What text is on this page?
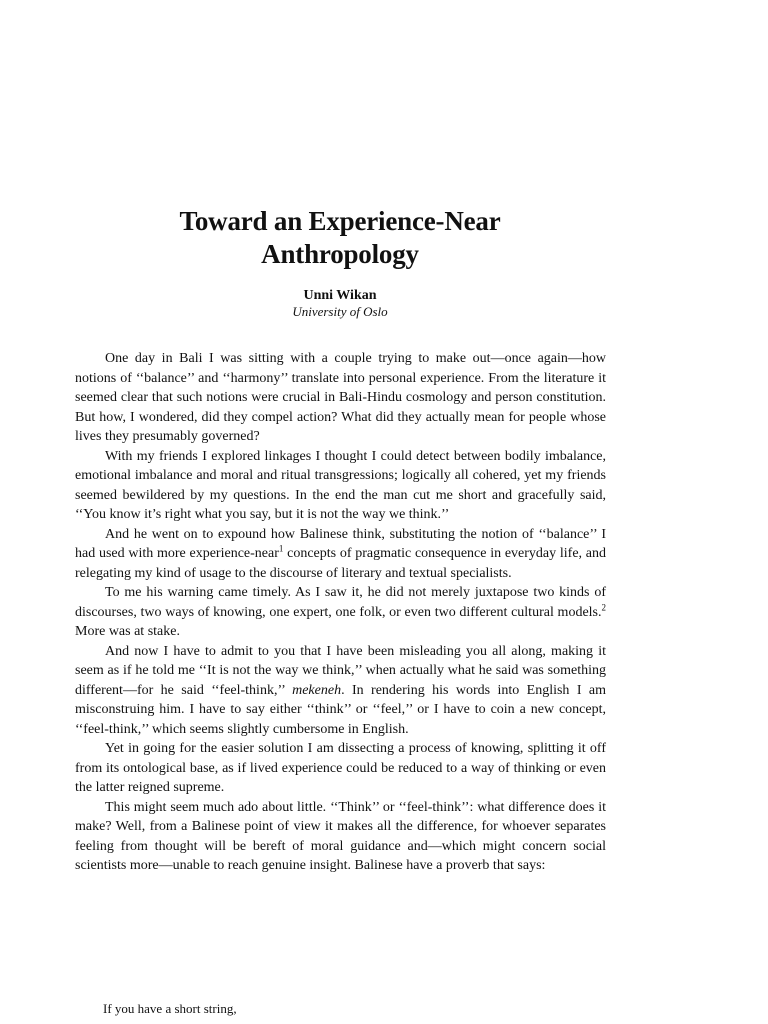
Toward an Experience-Near
Anthropology
Unni Wikan
University of Oslo

One day in Bali I was sitting with a couple trying to make out—once again—how notions of ‘‘balance’’ and ‘‘harmony’’ translate into personal experience. From the literature it seemed clear that such notions were crucial in Bali-Hindu cosmology and person constitution. But how, I wondered, did they compel action? What did they actually mean for people whose lives they presumably governed?

With my friends I explored linkages I thought I could detect between bodily imbalance, emotional imbalance and moral and ritual transgressions; logically all cohered, yet my friends seemed bewildered by my questions. In the end the man cut me short and gracefully said, ‘‘You know it’s right what you say, but it is not the way we think.’’

And he went on to expound how Balinese think, substituting the notion of ‘‘balance’’ I had used with more experience-near$^1$ concepts of pragmatic consequence in everyday life, and relegating my kind of usage to the discourse of literary and textual specialists.

To me his warning came timely. As I saw it, he did not merely juxtapose two kinds of discourses, two ways of knowing, one expert, one folk, or even two different cultural models.$^2$ More was at stake.

And now I have to admit to you that I have been misleading you all along, making it seem as if he told me ‘‘It is not the way we think,’’ when actually what he said was something different—for he said ‘‘feel-think,’’ mekeneh. In rendering his words into English I am misconstruing him. I have to say either ‘‘think’’ or ‘‘feel,’’ or I have to coin a new concept, ‘‘feel-think,’’ which seems slightly cumbersome in English.

Yet in going for the easier solution I am dissecting a process of knowing, splitting it off from its ontological base, as if lived experience could be reduced to a way of thinking or even the latter reigned supreme.

This might seem much ado about little. ‘‘Think’’ or ‘‘feel-think’’: what difference does it make? Well, from a Balinese point of view it makes all the difference, for whoever separates feeling from thought will be bereft of moral guidance and—which might concern social scientists more—unable to reach genuine insight. Balinese have a proverb that says:

If you have a short string,
